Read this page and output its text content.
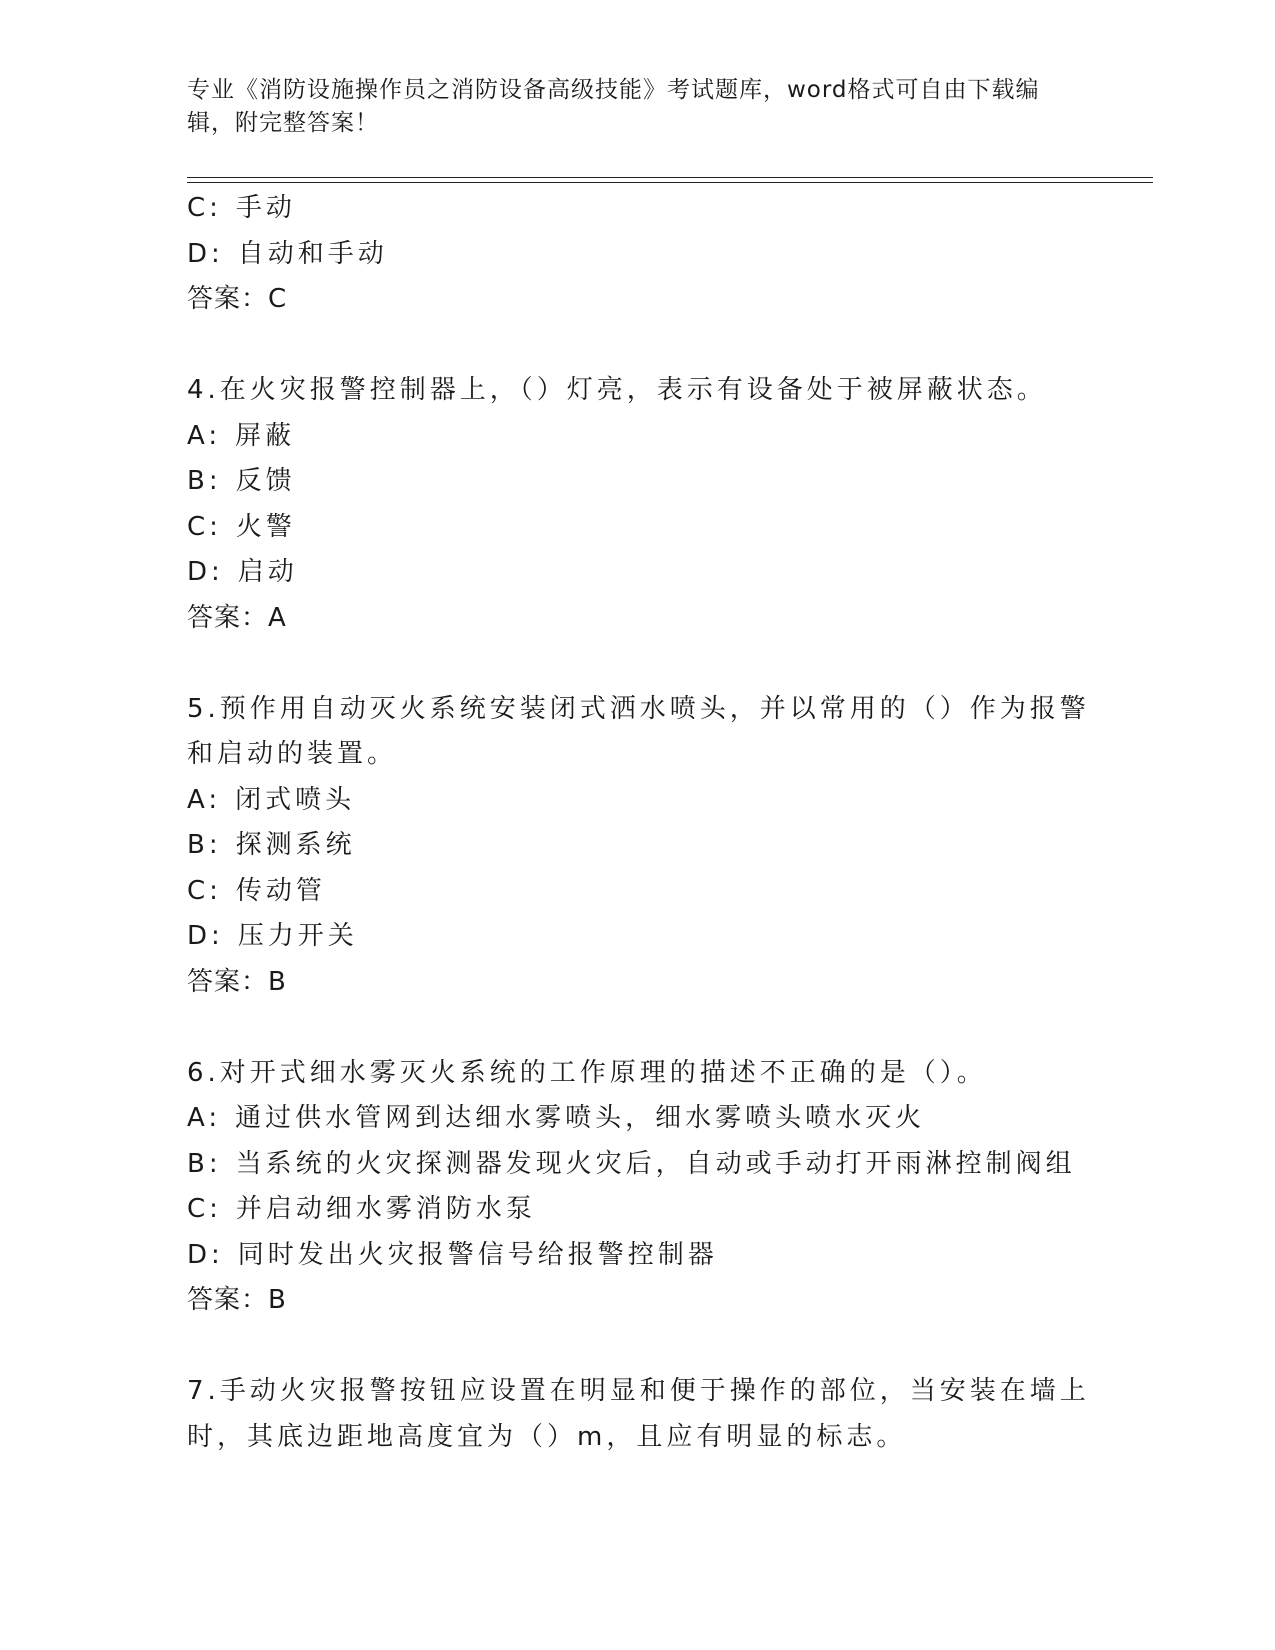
专业《消防设施操作员之消防设备高级技能》考试题库，word格式可自由下载编
辑，附完整答案！
C: 手动
D: 自动和手动
答案：C
4.在火灾报警控制器上，（）灯亮，表示有设备处于被屏蔽状态。
A: 屏蔽
B: 反馈
C: 火警
D: 启动
答案：A
5.预作用自动灭火系统安装闭式洒水喷头，并以常用的（）作为报警
和启动的装置。
A: 闭式喷头
B: 探测系统
C: 传动管
D: 压力开关
答案：B
6.对开式细水雾灭火系统的工作原理的描述不正确的是（）。
A: 通过供水管网到达细水雾喷头，细水雾喷头喷水灭火
B: 当系统的火灾探测器发现火灾后，自动或手动打开雨淋控制阀组
C: 并启动细水雾消防水泵
D: 同时发出火灾报警信号给报警控制器
答案：B
7.手动火灾报警按钮应设置在明显和便于操作的部位，当安装在墙上
时，其底边距地高度宜为（）m，且应有明显的标志。
